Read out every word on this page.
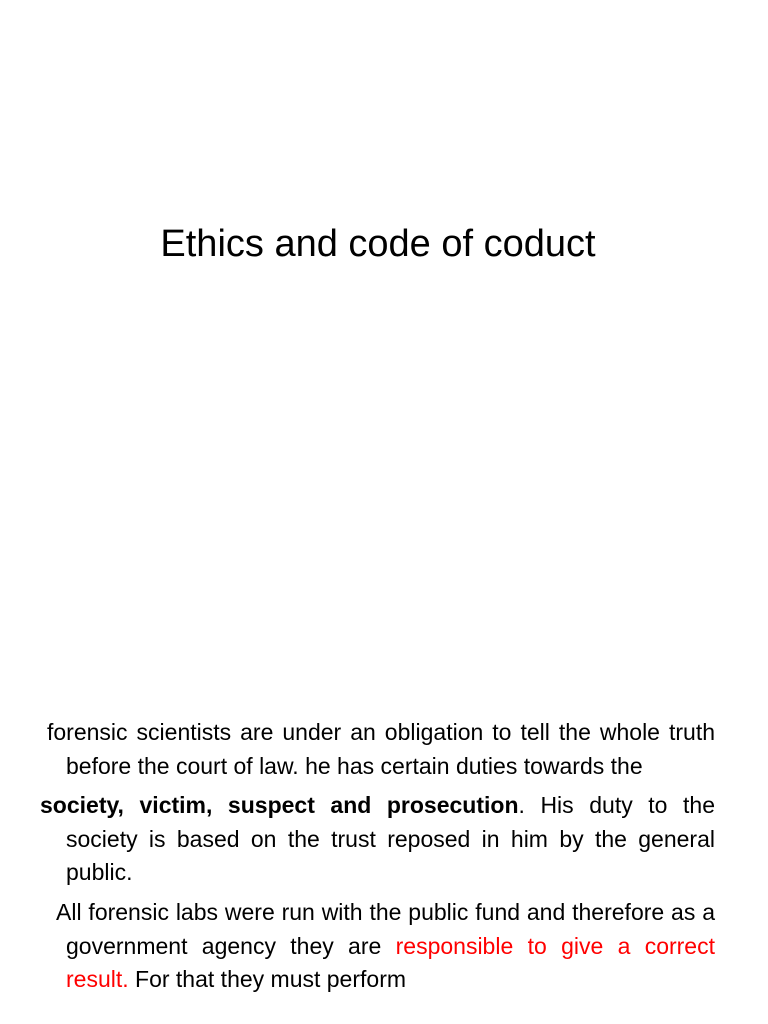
Ethics and code of coduct

forensic scientists are under an obligation to tell the whole truth before the court of law. he has certain duties towards the

society, victim, suspect and prosecution. His duty to the society is based on the trust reposed in him by the general public.

All forensic labs were run with the public fund and therefore as a government agency they are responsible to give a correct result. For that they must perform
